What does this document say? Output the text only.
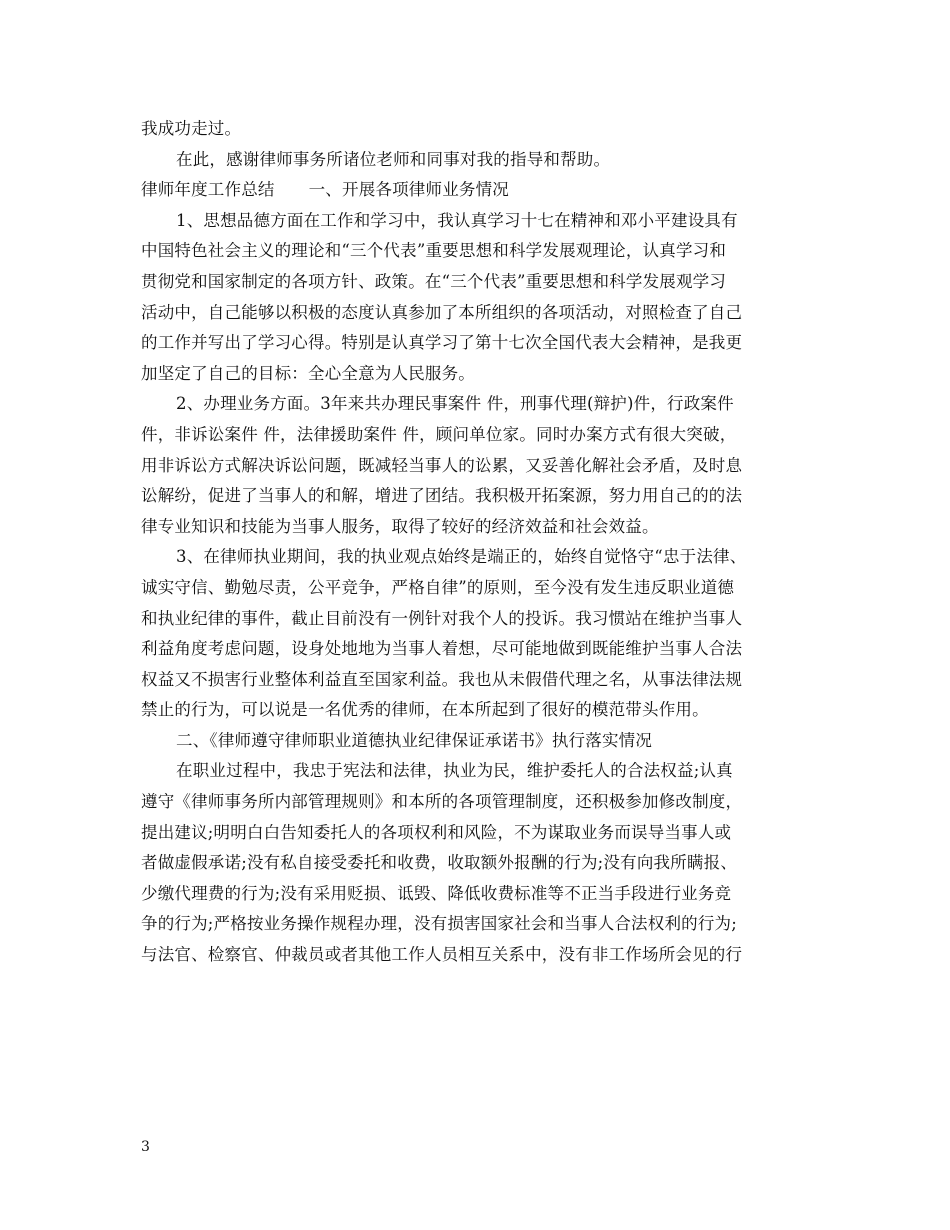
我成功走过。
在此，感谢律师事务所诸位老师和同事对我的指导和帮助。
律师年度工作总结 一、开展各项律师业务情况
1、思想品德方面在工作和学习中，我认真学习十七在精神和邓小平建设具有
中国特色社会主义的理论和“三个代表”重要思想和科学发展观理论，认真学习和
贯彻党和国家制定的各项方针、政策。在“三个代表”重要思想和科学发展观学习
活动中，自己能够以积极的态度认真参加了本所组织的各项活动，对照检查了自己
的工作并写出了学习心得。特别是认真学习了第十七次全国代表大会精神，是我更
加坚定了自己的目标：全心全意为人民服务。
2、办理业务方面。3年来共办理民事案件 件，刑事代理(辩护)件，行政案件
件，非诉讼案件 件，法律援助案件 件，顾问单位家。同时办案方式有很大突破，
用非诉讼方式解决诉讼问题，既减轻当事人的讼累，又妥善化解社会矛盾，及时息
讼解纷，促进了当事人的和解，增进了团结。我积极开拓案源，努力用自己的的法
律专业知识和技能为当事人服务，取得了较好的经济效益和社会效益。
3、在律师执业期间，我的执业观点始终是端正的，始终自觉恪守“忠于法律、
诚实守信、勤勉尽责，公平竞争，严格自律”的原则，至今没有发生违反职业道德
和执业纪律的事件，截止目前没有一例针对我个人的投诉。我习惯站在维护当事人
利益角度考虑问题，设身处地地为当事人着想，尽可能地做到既能维护当事人合法
权益又不损害行业整体利益直至国家利益。我也从未假借代理之名，从事法律法规
禁止的行为，可以说是一名优秀的律师，在本所起到了很好的模范带头作用。
二、《律师遵守律师职业道德执业纪律保证承诺书》执行落实情况
在职业过程中，我忠于宪法和法律，执业为民，维护委托人的合法权益;认真
遵守《律师事务所内部管理规则》和本所的各项管理制度，还积极参加修改制度，
提出建议;明明白白告知委托人的各项权利和风险，不为谋取业务而误导当事人或
者做虚假承诺;没有私自接受委托和收费，收取额外报酬的行为;没有向我所瞒报、
少缴代理费的行为;没有采用贬损、诋毁、降低收费标准等不正当手段进行业务竞
争的行为;严格按业务操作规程办理，没有损害国家社会和当事人合法权利的行为;
与法官、检察官、仲裁员或者其他工作人员相互关系中，没有非工作场所会见的行
3
